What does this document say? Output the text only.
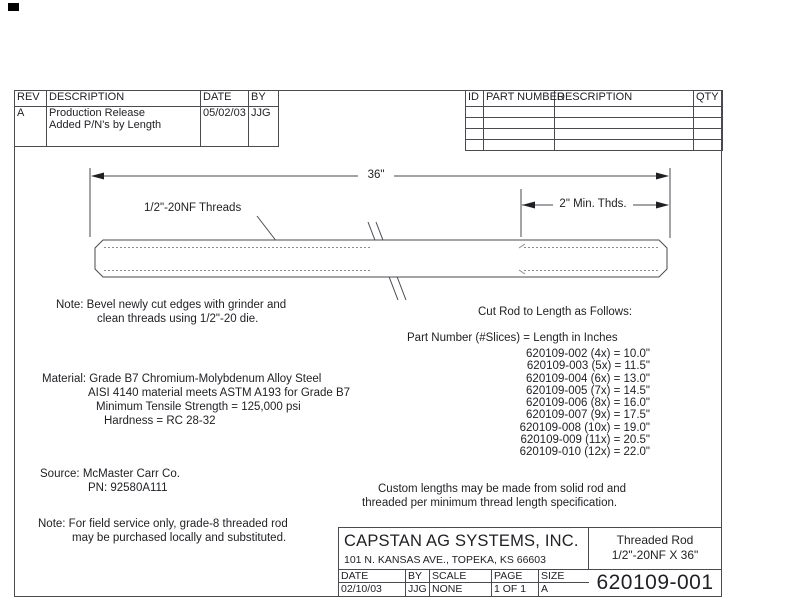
REV	DESCRIPTION	DATE	BY
A	Production Release
Added P/N's by Length	05/02/03	JJG
ID	PART NUMBER	DESCRIPTION	QTY

36"
1/2"-20NF Threads	2" Min. Thds.
Note: Bevel newly cut edges with grinder and
clean threads using 1/2"-20 die.
Cut Rod to Length as Follows:
Part Number (#Slices) = Length in Inches
620109-002 (4x) = 10.0"
620109-003 (5x) = 11.5"
620109-004 (6x) = 13.0"
620109-005 (7x) = 14.5"
620109-006 (8x) = 16.0"
620109-007 (9x) = 17.5"
620109-008 (10x) = 19.0"
620109-009 (11x) = 20.5"
620109-010 (12x) = 22.0"
Material: Grade B7 Chromium-Molybdenum Alloy Steel
AISI 4140 material meets ASTM A193 for Grade B7
Minimum Tensile Strength = 125,000 psi
Hardness = RC 28-32
Source: McMaster Carr Co.
PN: 92580A111	Custom lengths may be made from solid rod and
threaded per minimum thread length specification.
Note: For field service only, grade-8 threaded rod
may be purchased locally and substituted.	CAPSTAN AG SYSTEMS, INC.
101 N. KANSAS AVE., TOPEKA, KS 66603
Threaded Rod
1/2"-20NF X 36"
DATE
02/10/03
BY
JJG
SCALE
NONE
PAGE
1 OF 1
SIZE
A	620109-001
